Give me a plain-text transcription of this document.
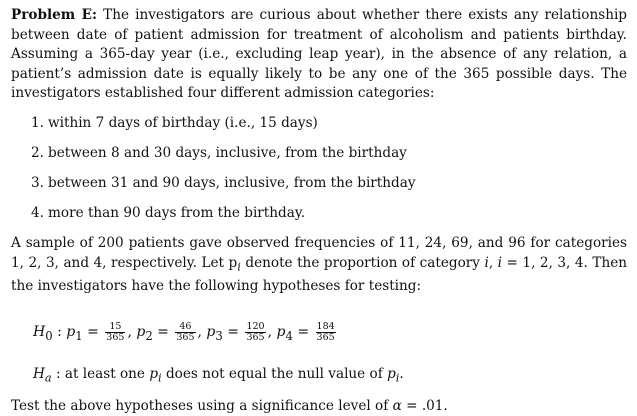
Problem E: The investigators are curious about whether there exists any relationship between date of patient admission for treatment of alcoholism and patients birthday. Assuming a 365-day year (i.e., excluding leap year), in the absence of any relation, a patient’s admission date is equally likely to be any one of the 365 possible days. The investigators established four different admission categories:

1. within 7 days of birthday (i.e., 15 days)
2. between 8 and 30 days, inclusive, from the birthday
3. between 31 and 90 days, inclusive, from the birthday
4. more than 90 days from the birthday.

A sample of 200 patients gave observed frequencies of 11, 24, 69, and 96 for categories 1, 2, 3, and 4, respectively. Let $p_i$ denote the proportion of category i, i = 1, 2, 3, 4. Then the investigators have the following hypotheses for testing:

$H_0$ : $p_1 = \frac{15}{365}$ , $p_2 = \frac{46}{365}$ , $p_3 = \frac{120}{365}$ , $p_4 = \frac{184}{365}$
$H_a$ : at least one $p_i$ does not equal the null value of $p_i$.
Test the above hypotheses using a significance level of α = .01.
